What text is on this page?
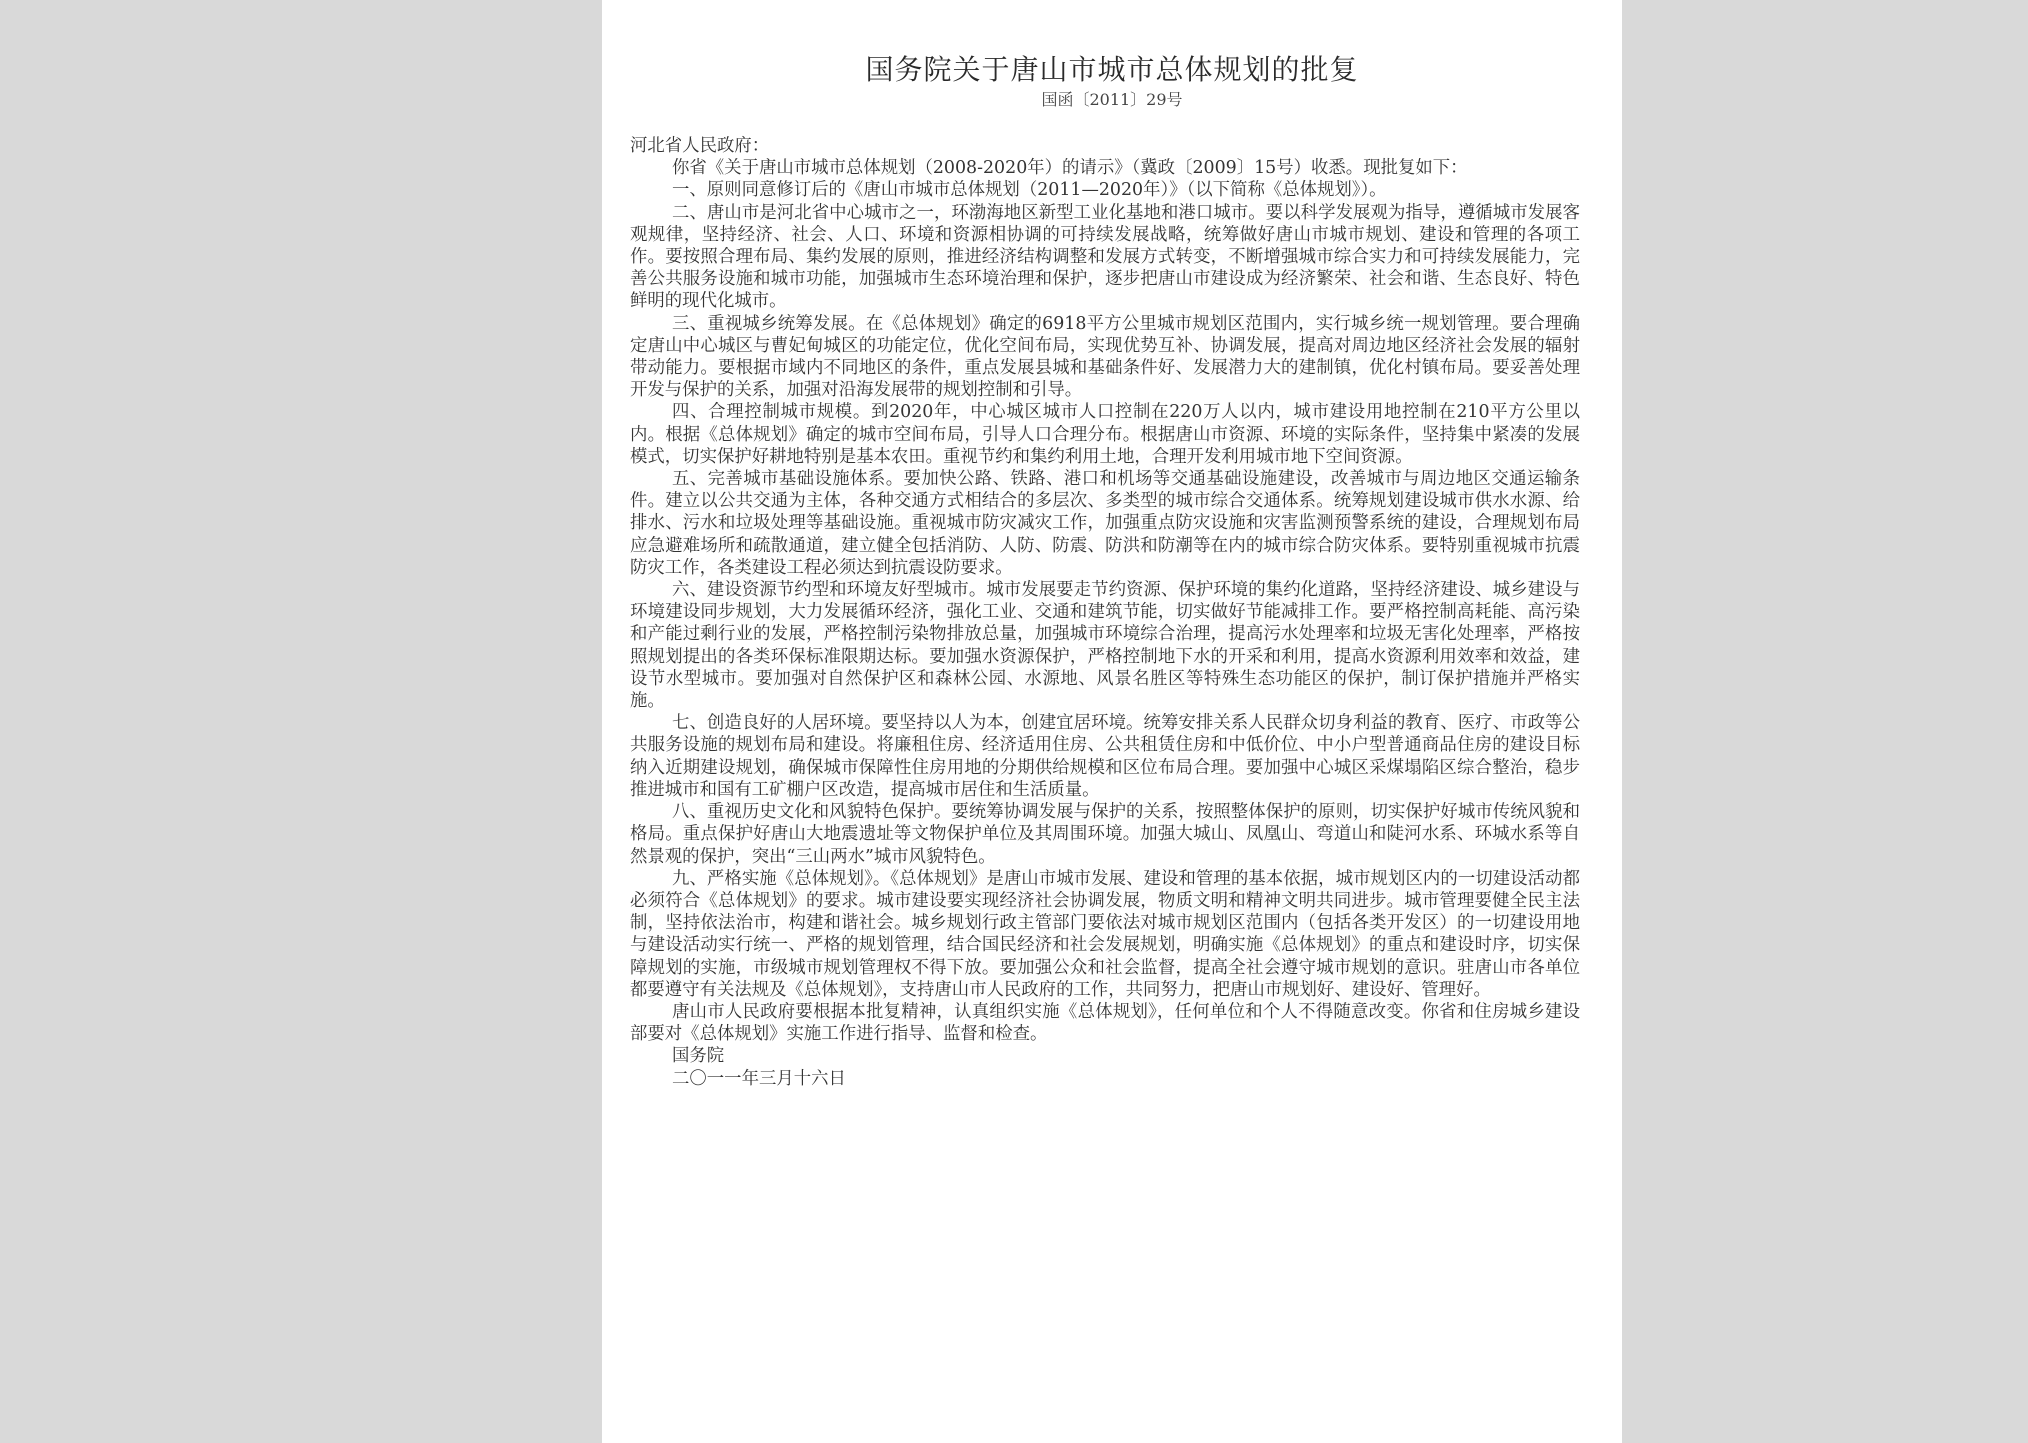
国务院关于唐山市城市总体规划的批复
国函〔2011〕29号

河北省人民政府：

你省《关于唐山市城市总体规划（2008-2020年）的请示》（冀政〔2009〕15号）收悉。现批复如下：

一、原则同意修订后的《唐山市城市总体规划（2011—2020年）》（以下简称《总体规划》）。

二、唐山市是河北省中心城市之一，环渤海地区新型工业化基地和港口城市。要以科学发展观为指导，遵循城市发展客观规律，坚持经济、社会、人口、环境和资源相协调的可持续发展战略，统筹做好唐山市城市规划、建设和管理的各项工作。要按照合理布局、集约发展的原则，推进经济结构调整和发展方式转变，不断增强城市综合实力和可持续发展能力，完善公共服务设施和城市功能，加强城市生态环境治理和保护，逐步把唐山市建设成为经济繁荣、社会和谐、生态良好、特色鲜明的现代化城市。

三、重视城乡统筹发展。在《总体规划》确定的6918平方公里城市规划区范围内，实行城乡统一规划管理。要合理确定唐山中心城区与曹妃甸城区的功能定位，优化空间布局，实现优势互补、协调发展，提高对周边地区经济社会发展的辐射带动能力。要根据市域内不同地区的条件，重点发展县城和基础条件好、发展潜力大的建制镇，优化村镇布局。要妥善处理开发与保护的关系，加强对沿海发展带的规划控制和引导。

四、合理控制城市规模。到2020年，中心城区城市人口控制在220万人以内，城市建设用地控制在210平方公里以内。根据《总体规划》确定的城市空间布局，引导人口合理分布。根据唐山市资源、环境的实际条件，坚持集中紧凑的发展模式，切实保护好耕地特别是基本农田。重视节约和集约利用土地，合理开发利用城市地下空间资源。

五、完善城市基础设施体系。要加快公路、铁路、港口和机场等交通基础设施建设，改善城市与周边地区交通运输条件。建立以公共交通为主体，各种交通方式相结合的多层次、多类型的城市综合交通体系。统筹规划建设城市供水水源、给排水、污水和垃圾处理等基础设施。重视城市防灾减灾工作，加强重点防灾设施和灾害监测预警系统的建设，合理规划布局应急避难场所和疏散通道，建立健全包括消防、人防、防震、防洪和防潮等在内的城市综合防灾体系。要特别重视城市抗震防灾工作，各类建设工程必须达到抗震设防要求。

六、建设资源节约型和环境友好型城市。城市发展要走节约资源、保护环境的集约化道路，坚持经济建设、城乡建设与环境建设同步规划，大力发展循环经济，强化工业、交通和建筑节能，切实做好节能减排工作。要严格控制高耗能、高污染和产能过剩行业的发展，严格控制污染物排放总量，加强城市环境综合治理，提高污水处理率和垃圾无害化处理率，严格按照规划提出的各类环保标准限期达标。要加强水资源保护，严格控制地下水的开采和利用，提高水资源利用效率和效益，建设节水型城市。要加强对自然保护区和森林公园、水源地、风景名胜区等特殊生态功能区的保护，制订保护措施并严格实施。

七、创造良好的人居环境。要坚持以人为本，创建宜居环境。统筹安排关系人民群众切身利益的教育、医疗、市政等公共服务设施的规划布局和建设。将廉租住房、经济适用住房、公共租赁住房和中低价位、中小户型普通商品住房的建设目标纳入近期建设规划，确保城市保障性住房用地的分期供给规模和区位布局合理。要加强中心城区采煤塌陷区综合整治，稳步推进城市和国有工矿棚户区改造，提高城市居住和生活质量。

八、重视历史文化和风貌特色保护。要统筹协调发展与保护的关系，按照整体保护的原则，切实保护好城市传统风貌和格局。重点保护好唐山大地震遗址等文物保护单位及其周围环境。加强大城山、凤凰山、弯道山和陡河水系、环城水系等自然景观的保护，突出“三山两水”城市风貌特色。

九、严格实施《总体规划》。《总体规划》是唐山市城市发展、建设和管理的基本依据，城市规划区内的一切建设活动都必须符合《总体规划》的要求。城市建设要实现经济社会协调发展，物质文明和精神文明共同进步。城市管理要健全民主法制，坚持依法治市，构建和谐社会。城乡规划行政主管部门要依法对城市规划区范围内（包括各类开发区）的一切建设用地与建设活动实行统一、严格的规划管理，结合国民经济和社会发展规划，明确实施《总体规划》的重点和建设时序，切实保障规划的实施，市级城市规划管理权不得下放。要加强公众和社会监督，提高全社会遵守城市规划的意识。驻唐山市各单位都要遵守有关法规及《总体规划》，支持唐山市人民政府的工作，共同努力，把唐山市规划好、建设好、管理好。

唐山市人民政府要根据本批复精神，认真组织实施《总体规划》，任何单位和个人不得随意改变。你省和住房城乡建设部要对《总体规划》实施工作进行指导、监督和检查。

国务院

二〇一一年三月十六日
